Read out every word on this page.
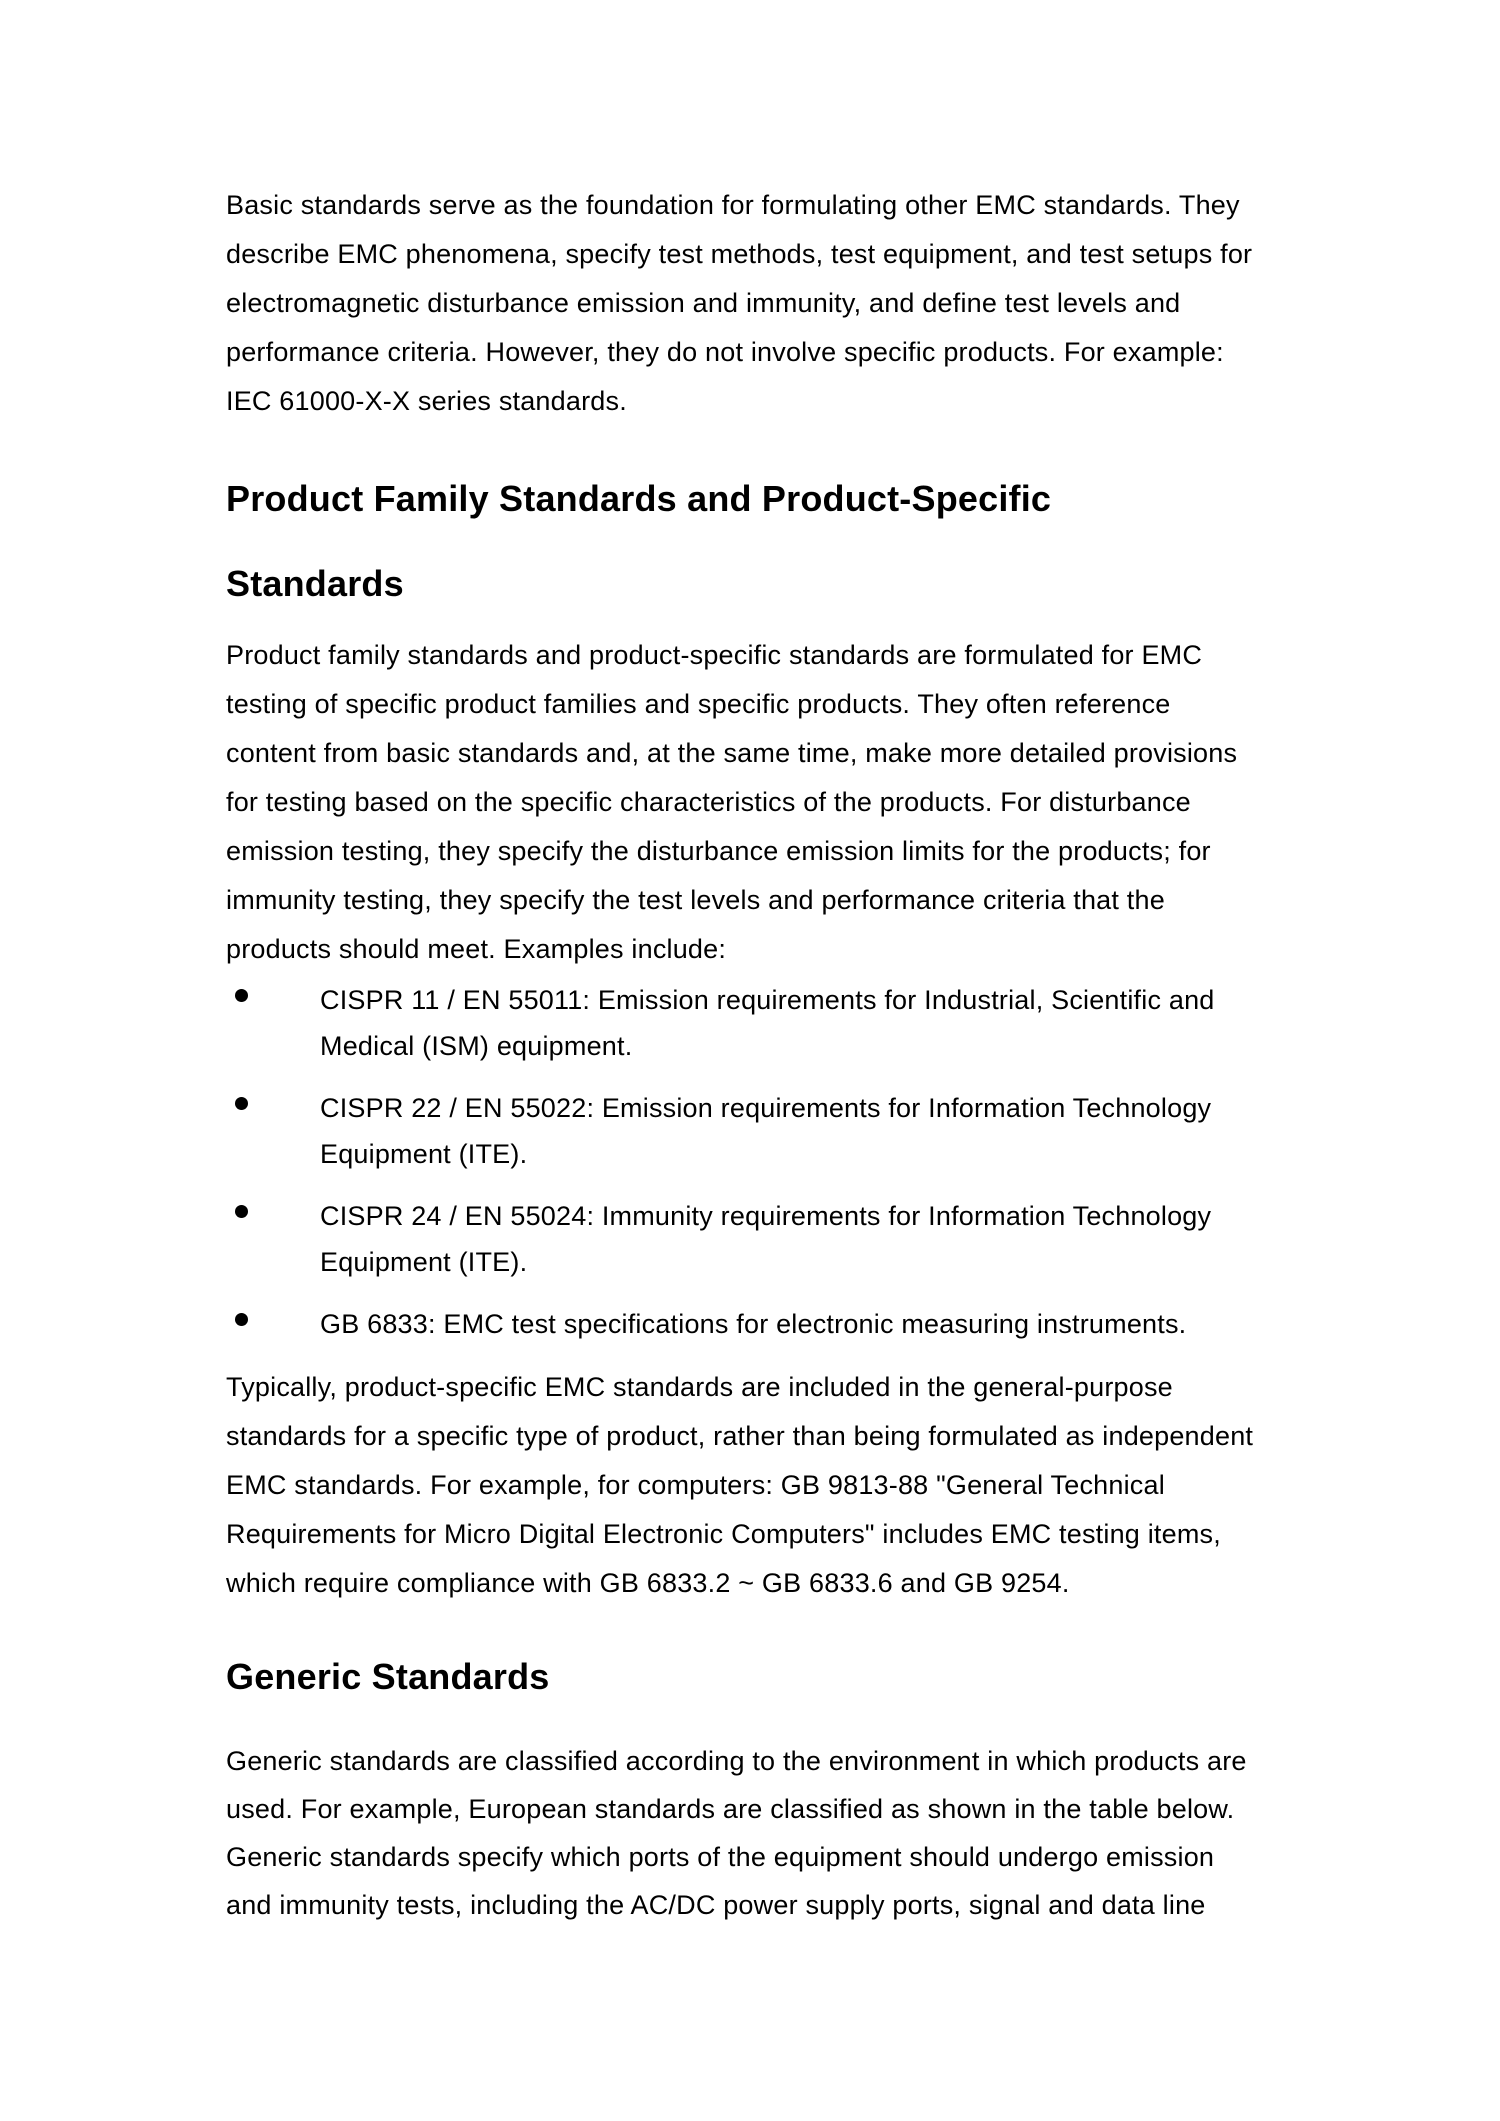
Basic standards serve as the foundation for formulating other EMC standards. They
describe EMC phenomena, specify test methods, test equipment, and test setups for
electromagnetic disturbance emission and immunity, and define test levels and
performance criteria. However, they do not involve specific products. For example:
IEC 61000-X-X series standards.
Product Family Standards and Product-Specific
Standards
Product family standards and product-specific standards are formulated for EMC
testing of specific product families and specific products. They often reference
content from basic standards and, at the same time, make more detailed provisions
for testing based on the specific characteristics of the products. For disturbance
emission testing, they specify the disturbance emission limits for the products; for
immunity testing, they specify the test levels and performance criteria that the
products should meet. Examples include:
CISPR 11 / EN 55011: Emission requirements for Industrial, Scientific and
Medical (ISM) equipment.
CISPR 22 / EN 55022: Emission requirements for Information Technology
Equipment (ITE).
CISPR 24 / EN 55024: Immunity requirements for Information Technology
Equipment (ITE).
GB 6833: EMC test specifications for electronic measuring instruments.
Typically, product-specific EMC standards are included in the general-purpose
standards for a specific type of product, rather than being formulated as independent
EMC standards. For example, for computers: GB 9813-88 "General Technical
Requirements for Micro Digital Electronic Computers" includes EMC testing items,
which require compliance with GB 6833.2 ~ GB 6833.6 and GB 9254.
Generic Standards
Generic standards are classified according to the environment in which products are
used. For example, European standards are classified as shown in the table below.
Generic standards specify which ports of the equipment should undergo emission
and immunity tests, including the AC/DC power supply ports, signal and data line
